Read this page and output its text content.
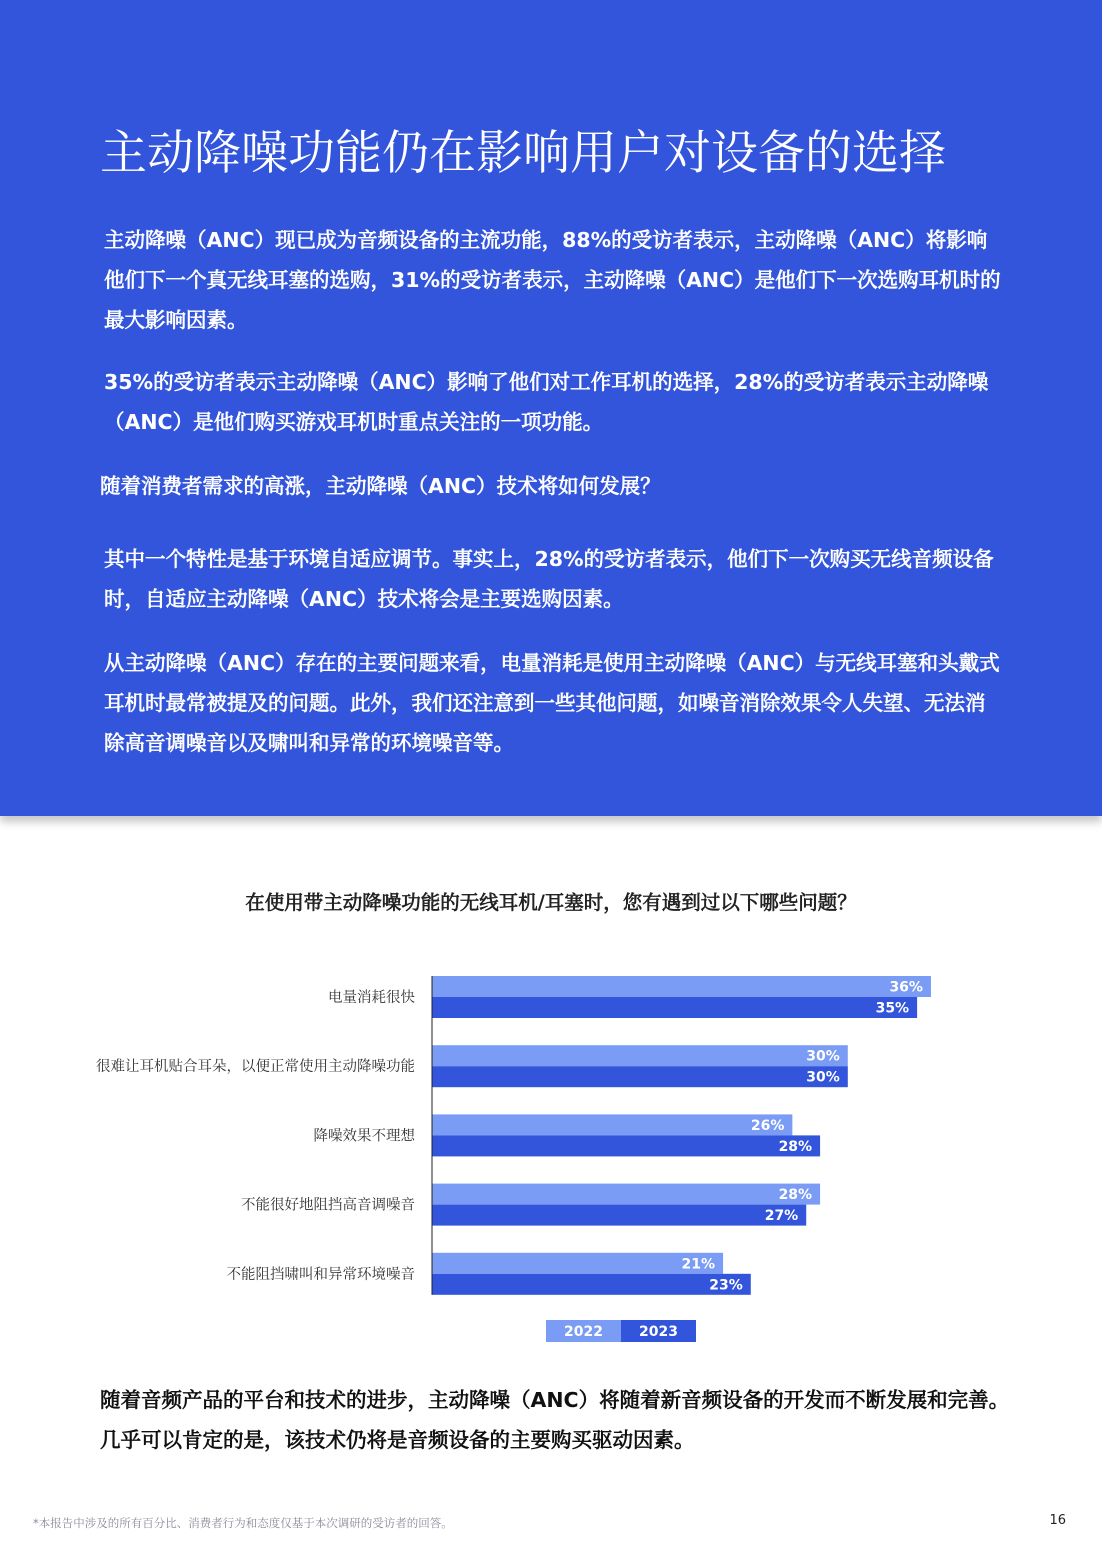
主动降噪功能仍在影响用户对设备的选择

主动降噪（ANC）现已成为音频设备的主流功能，88%的受访者表示，主动降噪（ANC）将影响他们下一个真无线耳塞的选购，31%的受访者表示，主动降噪（ANC）是他们下一次选购耳机时的最大影响因素。

35%的受访者表示主动降噪（ANC）影响了他们对工作耳机的选择，28%的受访者表示主动降噪（ANC）是他们购买游戏耳机时重点关注的一项功能。

随着消费者需求的高涨，主动降噪（ANC）技术将如何发展？

其中一个特性是基于环境自适应调节。事实上，28%的受访者表示，他们下一次购买无线音频设备时，自适应主动降噪（ANC）技术将会是主要选购因素。

从主动降噪（ANC）存在的主要问题来看，电量消耗是使用主动降噪（ANC）与无线耳塞和头戴式耳机时最常被提及的问题。此外，我们还注意到一些其他问题，如噪音消除效果令人失望、无法消除高音调噪音以及啸叫和异常的环境噪音等。

在使用带主动降噪功能的无线耳机/耳塞时，您有遇到过以下哪些问题？
电量消耗很快
36%
35%
很难让耳机贴合耳朵，以便正常使用主动降噪功能
30%
30%
降噪效果不理想
26%
28%
不能很好地阻挡高音调噪音
28%
27%
不能阻挡啸叫和异常环境噪音
21%
23%
2022	2023

随着音频产品的平台和技术的进步，主动降噪（ANC）将随着新音频设备的开发而不断发展和完善。几乎可以肯定的是，该技术仍将是音频设备的主要购买驱动因素。

*本报告中涉及的所有百分比、消费者行为和态度仅基于本次调研的受访者的回答。	16
